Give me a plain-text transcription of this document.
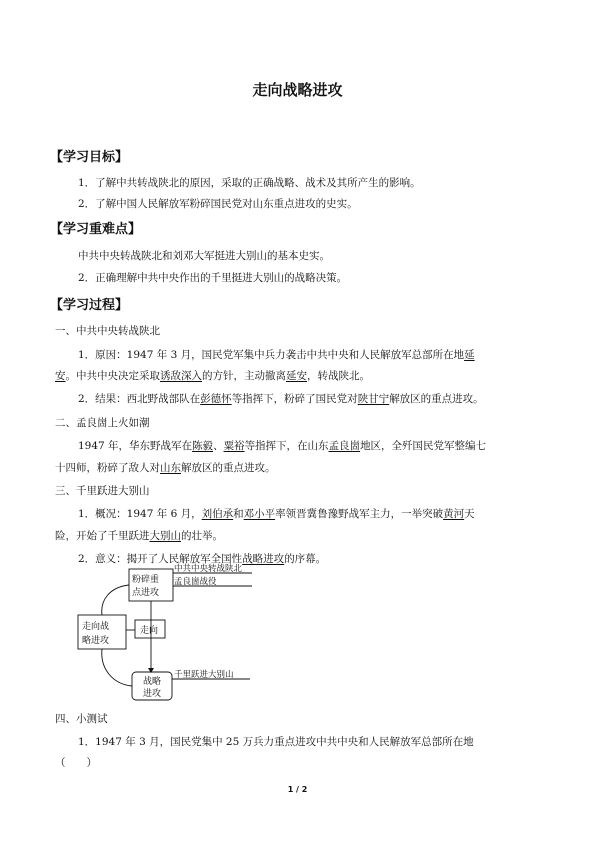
走向战略进攻
【学习目标】
1．了解中共转战陕北的原因，采取的正确战略、战术及其所产生的影响。
2．了解中国人民解放军粉碎国民党对山东重点进攻的史实。
【学习重难点】
中共中央转战陕北和刘邓大军挺进大别山的基本史实。
2．正确理解中共中央作出的千里挺进大别山的战略决策。
【学习过程】
一、中共中央转战陕北
1．原因：1947 年 3 月，国民党军集中兵力袭击中共中央和人民解放军总部所在地延
安。中共中央决定采取诱敌深入的方针，主动撤离延安，转战陕北。
2．结果：西北野战部队在彭德怀等指挥下，粉碎了国民党对陕甘宁解放区的重点进攻。
二、孟良崮上火如潮
1947 年，华东野战军在陈毅、粟裕等指挥下，在山东孟良崮地区，全歼国民党军整编七
十四师，粉碎了敌人对山东解放区的重点进攻。
三、千里跃进大别山
1．概况：1947 年 6 月，刘伯承和邓小平率领晋冀鲁豫野战军主力，一举突破黄河天
险，开始了千里跃进大别山的壮举。
2．意义：揭开了人民解放军全国性战略进攻的序幕。
粉碎重
点进攻
走向战
略进攻
走向
战略
进攻
中共中央转战陕北
孟良崮战役
千里跃进大别山
四、小测试
1．1947 年 3 月，国民党集中 25 万兵力重点进攻中共中央和人民解放军总部所在地
（　　）
1 / 2
